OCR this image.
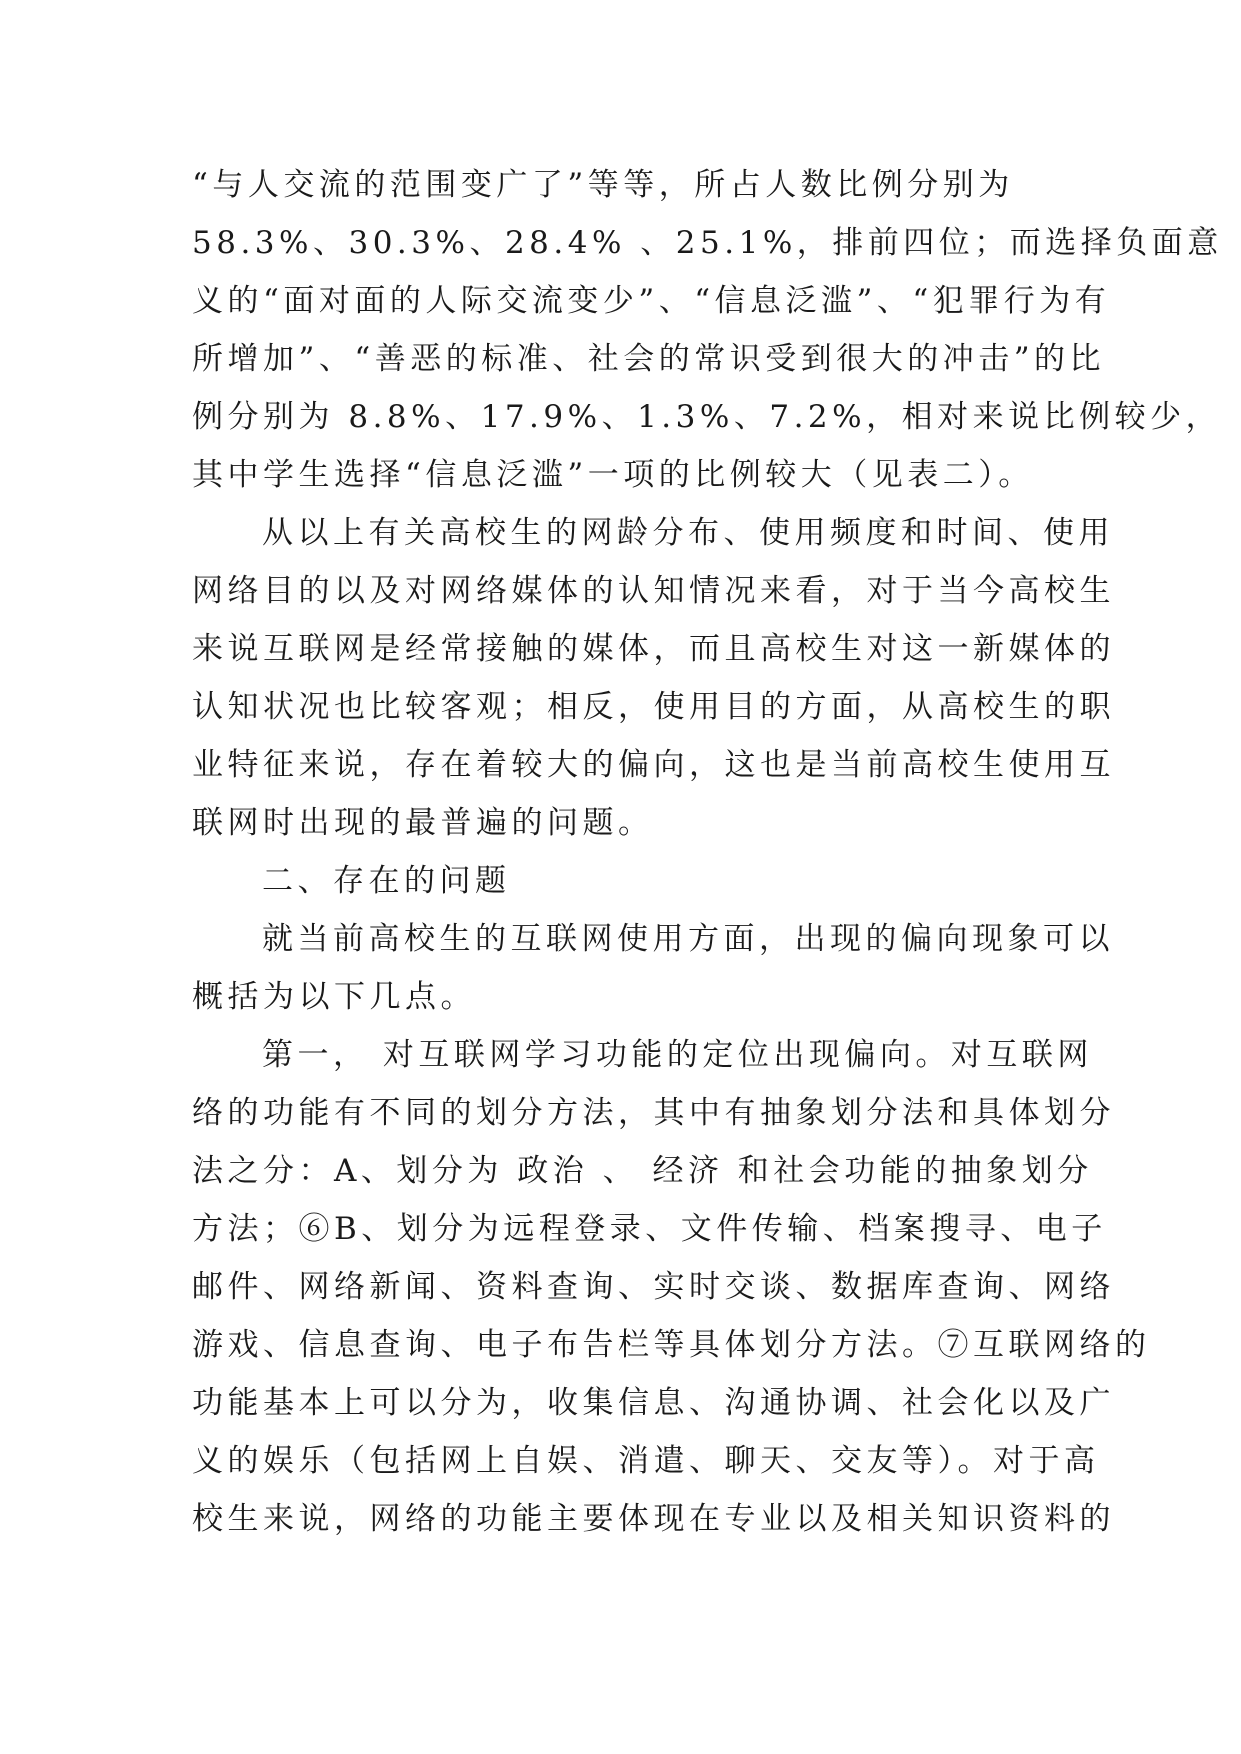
“与人交流的范围变广了”等等，所占人数比例分别为
58.3%、30.3%、28.4% 、25.1%，排前四位；而选择负面意
义的“面对面的人际交流变少”、“信息泛滥”、“犯罪行为有
所增加”、“善恶的标准、社会的常识受到很大的冲击”的比
例分别为 8.8%、17.9%、1.3%、7.2%，相对来说比例较少，
其中学生选择“信息泛滥”一项的比例较大（见表二）。
从以上有关高校生的网龄分布、使用频度和时间、使用
网络目的以及对网络媒体的认知情况来看，对于当今高校生
来说互联网是经常接触的媒体，而且高校生对这一新媒体的
认知状况也比较客观；相反，使用目的方面，从高校生的职
业特征来说，存在着较大的偏向，这也是当前高校生使用互
联网时出现的最普遍的问题。
二、存在的问题
就当前高校生的互联网使用方面，出现的偏向现象可以
概括为以下几点。
第一， 对互联网学习功能的定位出现偏向。对互联网
络的功能有不同的划分方法，其中有抽象划分法和具体划分
法之分：A、划分为 政治 、 经济 和社会功能的抽象划分
方法；⑥B、划分为远程登录、文件传输、档案搜寻、电子
邮件、网络新闻、资料查询、实时交谈、数据库查询、网络
游戏、信息查询、电子布告栏等具体划分方法。⑦互联网络的
功能基本上可以分为，收集信息、沟通协调、社会化以及广
义的娱乐（包括网上自娱、消遣、聊天、交友等）。对于高
校生来说，网络的功能主要体现在专业以及相关知识资料的
